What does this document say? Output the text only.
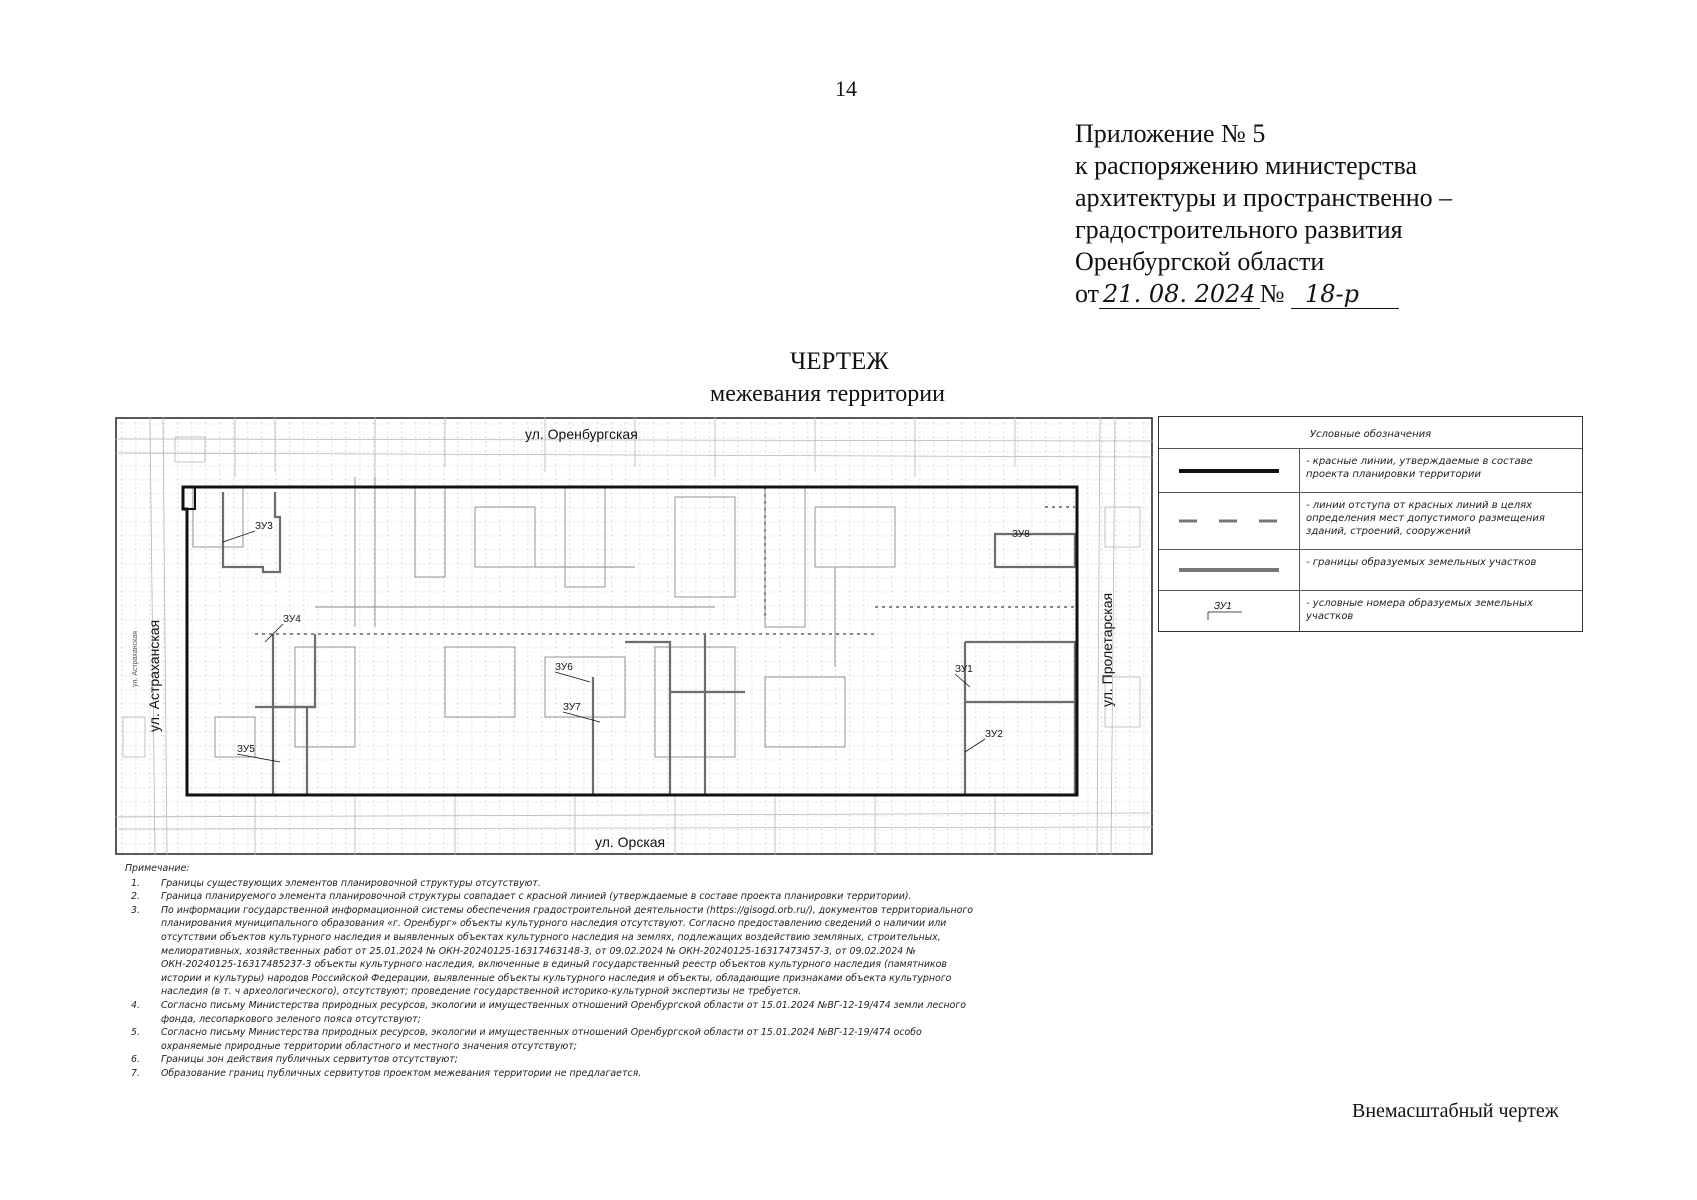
14
Приложение № 5
к распоряжению министерства
архитектуры и пространственно –
градостроительного развития
Оренбургской области
от 21. 08. 2024 № 18-р
ЧЕРТЕЖ
межевания территории
ул. Оренбургская
ул. Орская
ул. Астраханская
ул. Астраханская	ул. Пролетарская
ЗУ1
ЗУ2
ЗУ3
ЗУ4
ЗУ5
ЗУ6
ЗУ7
ЗУ8
Условные обозначения
- красные линии, утверждаемые в составе проекта планировки территории
- линии отступа от красных линий в целях определения мест допустимого размещения зданий, строений, сооружений
- границы образуемых земельных участков
ЗУ1	- условные номера образуемых земельных участков
Примечание:
1.	Границы существующих элементов планировочной структуры отсутствуют.
2.	Граница планируемого элемента планировочной структуры совпадает с красной линией (утверждаемые в составе проекта планировки территории).
3.	По информации государственной информационной системы обеспечения градостроительной деятельности (https://gisogd.orb.ru/), документов территориального планирования муниципального образования «г. Оренбург» объекты культурного наследия отсутствуют. Согласно предоставлению сведений о наличии или отсутствии объектов культурного наследия и выявленных объектах культурного наследия на землях, подлежащих воздействию земляных, строительных, мелиоративных, хозяйственных работ от 25.01.2024 № ОКН-20240125-16317463148-3, от 09.02.2024 № ОКН-20240125-16317473457-3, от 09.02.2024 № ОКН-20240125-16317485237-3 объекты культурного наследия, включенные в единый государственный реестр объектов культурного наследия (памятников истории и культуры) народов Российской Федерации, выявленные объекты культурного наследия и объекты, обладающие признаками объекта культурного наследия (в т. ч археологического), отсутствуют; проведение государственной историко-культурной экспертизы не требуется.
4.	Согласно письму Министерства природных ресурсов, экологии и имущественных отношений Оренбургской области от 15.01.2024 №ВГ-12-19/474 земли лесного фонда, лесопаркового зеленого пояса отсутствуют;
5.	Согласно письму Министерства природных ресурсов, экологии и имущественных отношений Оренбургской области от 15.01.2024 №ВГ-12-19/474 особо охраняемые природные территории областного и местного значения отсутствуют;
6.	Границы зон действия публичных сервитутов отсутствуют;
7.	Образование границ публичных сервитутов проектом межевания территории не предлагается.
Внемасштабный чертеж
